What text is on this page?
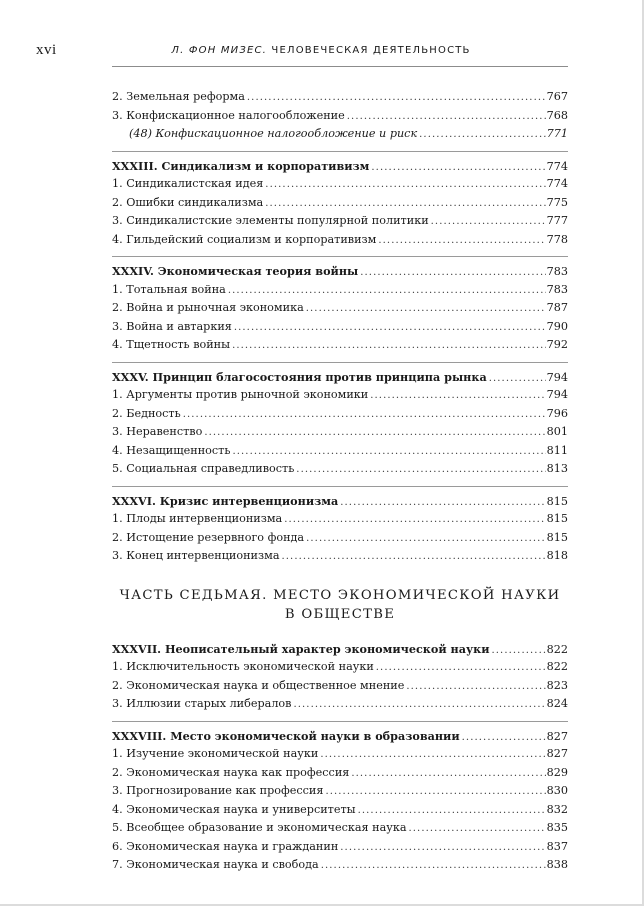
xvi	Л. ФОН МИЗЕС. ЧЕЛОВЕЧЕСКАЯ ДЕЯТЕЛЬНОСТЬ
2. Земельная реформа .....	767
3. Конфискационное налогообложение .....	768
(48) Конфискационное налогообложение и риск .....	771
XXXIII. Синдикализм и корпоративизм .....	774
1. Синдикалистская идея .....	774
2. Ошибки синдикализма .....	775
3. Синдикалистские элементы популярной политики .....	777
4. Гильдейский социализм и корпоративизм .....	778
XXXIV. Экономическая теория войны .....	783
1. Тотальная война .....	783
2. Война и рыночная экономика .....	787
3. Война и автаркия .....	790
4. Тщетность войны .....	792
XXXV. Принцип благосостояния против принципа рынка .....	794
1. Аргументы против рыночной экономики .....	794
2. Бедность .....	796
3. Неравенство .....	801
4. Незащищенность .....	811
5. Социальная справедливость .....	813
XXXVI. Кризис интервенционизма .....	815
1. Плоды интервенционизма .....	815
2. Истощение резервного фонда .....	815
3. Конец интервенционизма .....	818
ЧАСТЬ СЕДЬМАЯ. МЕСТО ЭКОНОМИЧЕСКОЙ НАУКИ
В ОБЩЕСТВЕ
XXXVII. Неописательный характер экономической науки .....	822
1. Исключительность экономической науки .....	822
2. Экономическая наука и общественное мнение .....	823
3. Иллюзии старых либералов .....	824
XXXVIII. Место экономической науки в образовании .....	827
1. Изучение экономической науки .....	827
2. Экономическая наука как профессия .....	829
3. Прогнозирование как профессия .....	830
4. Экономическая наука и университеты .....	832
5. Всеобщее образование и экономическая наука .....	835
6. Экономическая наука и гражданин .....	837
7. Экономическая наука и свобода .....	838
